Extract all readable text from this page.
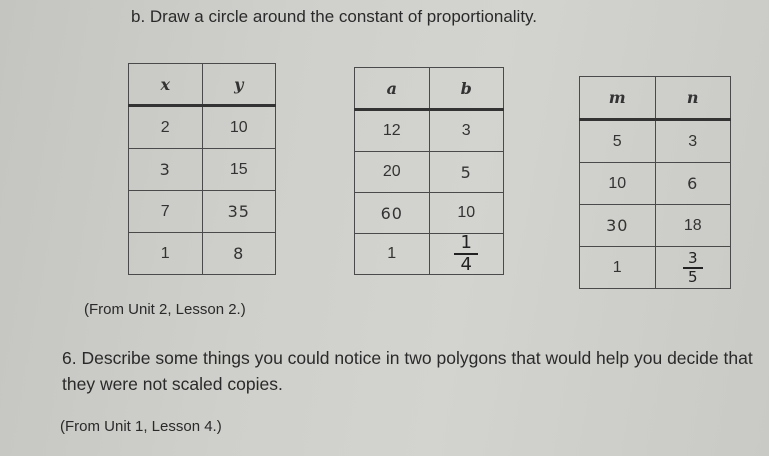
b. Draw a circle around the constant of proportionality.

x	y
2	10
3	15
7	35
1	8
a	b
12	3
20	5
60	10
1	$\frac{1}{4}$
m	n
5	3
10	6
30	18
1	$\frac{3}{5}$

(From Unit 2, Lesson 2.)

6. Describe some things you could notice in two polygons that would help you decide that they were not scaled copies.

(From Unit 1, Lesson 4.)
